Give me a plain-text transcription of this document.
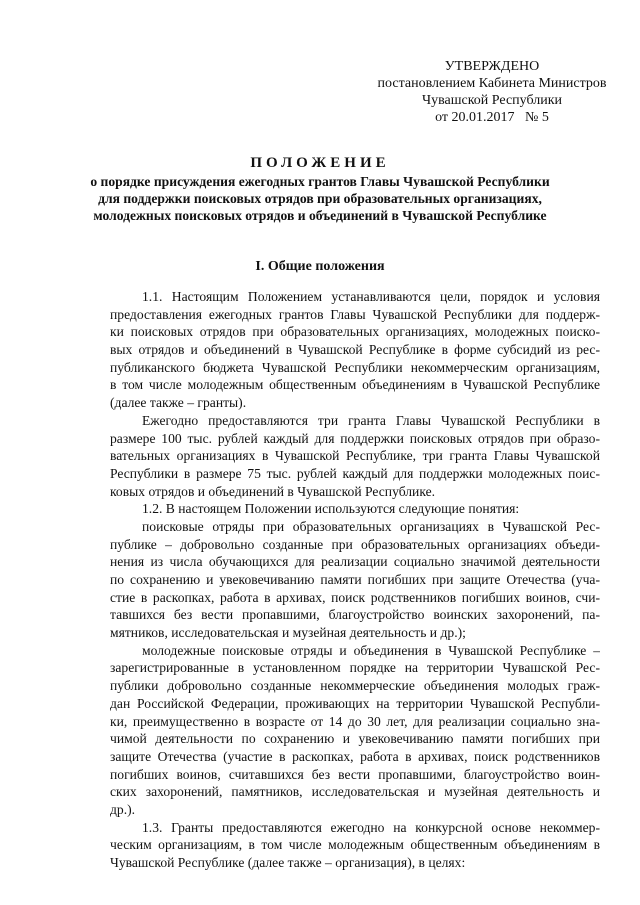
УТВЕРЖДЕНО
постановлением Кабинета Министров
Чувашской Республики
от 20.01.2017   № 5
ПОЛОЖЕНИЕ
о порядке присуждения ежегодных грантов Главы Чувашской Республики
для поддержки поисковых отрядов при образовательных организациях,
молодежных поисковых отрядов и объединений в Чувашской Республике
I. Общие положения
1.1. Настоящим Положением устанавливаются цели, порядок и условия
предоставления ежегодных грантов Главы Чувашской Республики для поддерж-
ки поисковых отрядов при образовательных организациях, молодежных поиско-
вых отрядов и объединений в Чувашской Республике в форме субсидий из рес-
публиканского бюджета Чувашской Республики некоммерческим организациям,
в том числе молодежным общественным объединениям в Чувашской Республике
(далее также – гранты).
Ежегодно предоставляются три гранта Главы Чувашской Республики в
размере 100 тыс. рублей каждый для поддержки поисковых отрядов при образо-
вательных организациях в Чувашской Республике, три гранта Главы Чувашской
Республики в размере 75 тыс. рублей каждый для поддержки молодежных поис-
ковых отрядов и объединений в Чувашской Республике.
1.2. В настоящем Положении используются следующие понятия:
поисковые отряды при образовательных организациях в Чувашской Рес-
публике – добровольно созданные при образовательных организациях объеди-
нения из числа обучающихся для реализации социально значимой деятельности
по сохранению и увековечиванию памяти погибших при защите Отечества (уча-
стие в раскопках, работа в архивах, поиск родственников погибших воинов, счи-
тавшихся без вести пропавшими, благоустройство воинских захоронений, па-
мятников, исследовательская и музейная деятельность и др.);
молодежные поисковые отряды и объединения в Чувашской Республике –
зарегистрированные в установленном порядке на территории Чувашской Рес-
публики добровольно созданные некоммерческие объединения молодых граж-
дан Российской Федерации, проживающих на территории Чувашской Республи-
ки, преимущественно в возрасте от 14 до 30 лет, для реализации социально зна-
чимой деятельности по сохранению и увековечиванию памяти погибших при
защите Отечества (участие в раскопках, работа в архивах, поиск родственников
погибших воинов, считавшихся без вести пропавшими, благоустройство воин-
ских захоронений, памятников, исследовательская и музейная деятельность и
др.).
1.3. Гранты предоставляются ежегодно на конкурсной основе некоммер-
ческим организациям, в том числе молодежным общественным объединениям в
Чувашской Республике (далее также – организация), в целях:
